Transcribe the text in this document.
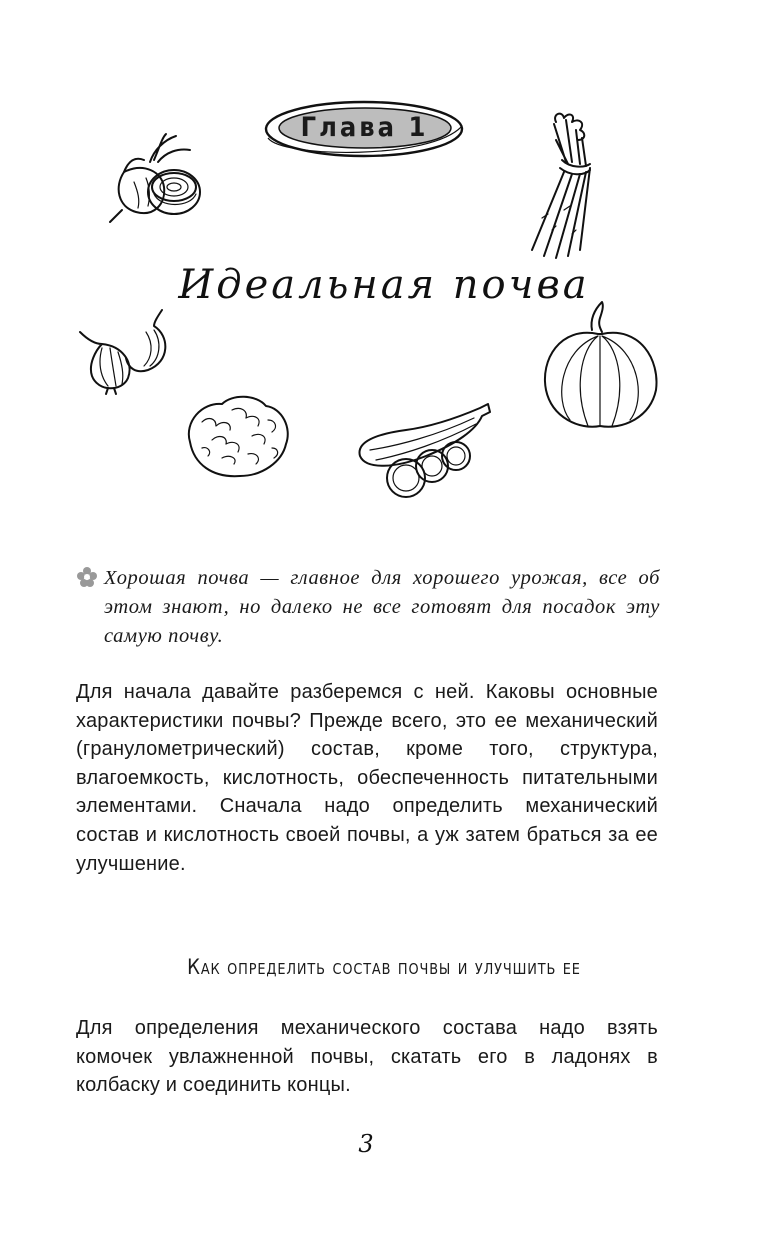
Глава 1
Идеальная почва
Хорошая почва — главное для хорошего урожая, все об этом знают, но далеко не все готовят для посадок эту самую почву.
Для начала давайте разберемся с ней. Каковы основные характеристики почвы? Прежде всего, это ее механический (гранулометрический) состав, кроме того, структура, влагоемкость, кислотность, обеспеченность питательными элементами. Сначала надо определить механический состав и кислотность своей почвы, а уж затем браться за ее улучшение.
Как определить состав почвы и улучшить ее
Для определения механического состава надо взять комочек увлажненной почвы, скатать его в ладонях в колбаску и соединить концы.
3
